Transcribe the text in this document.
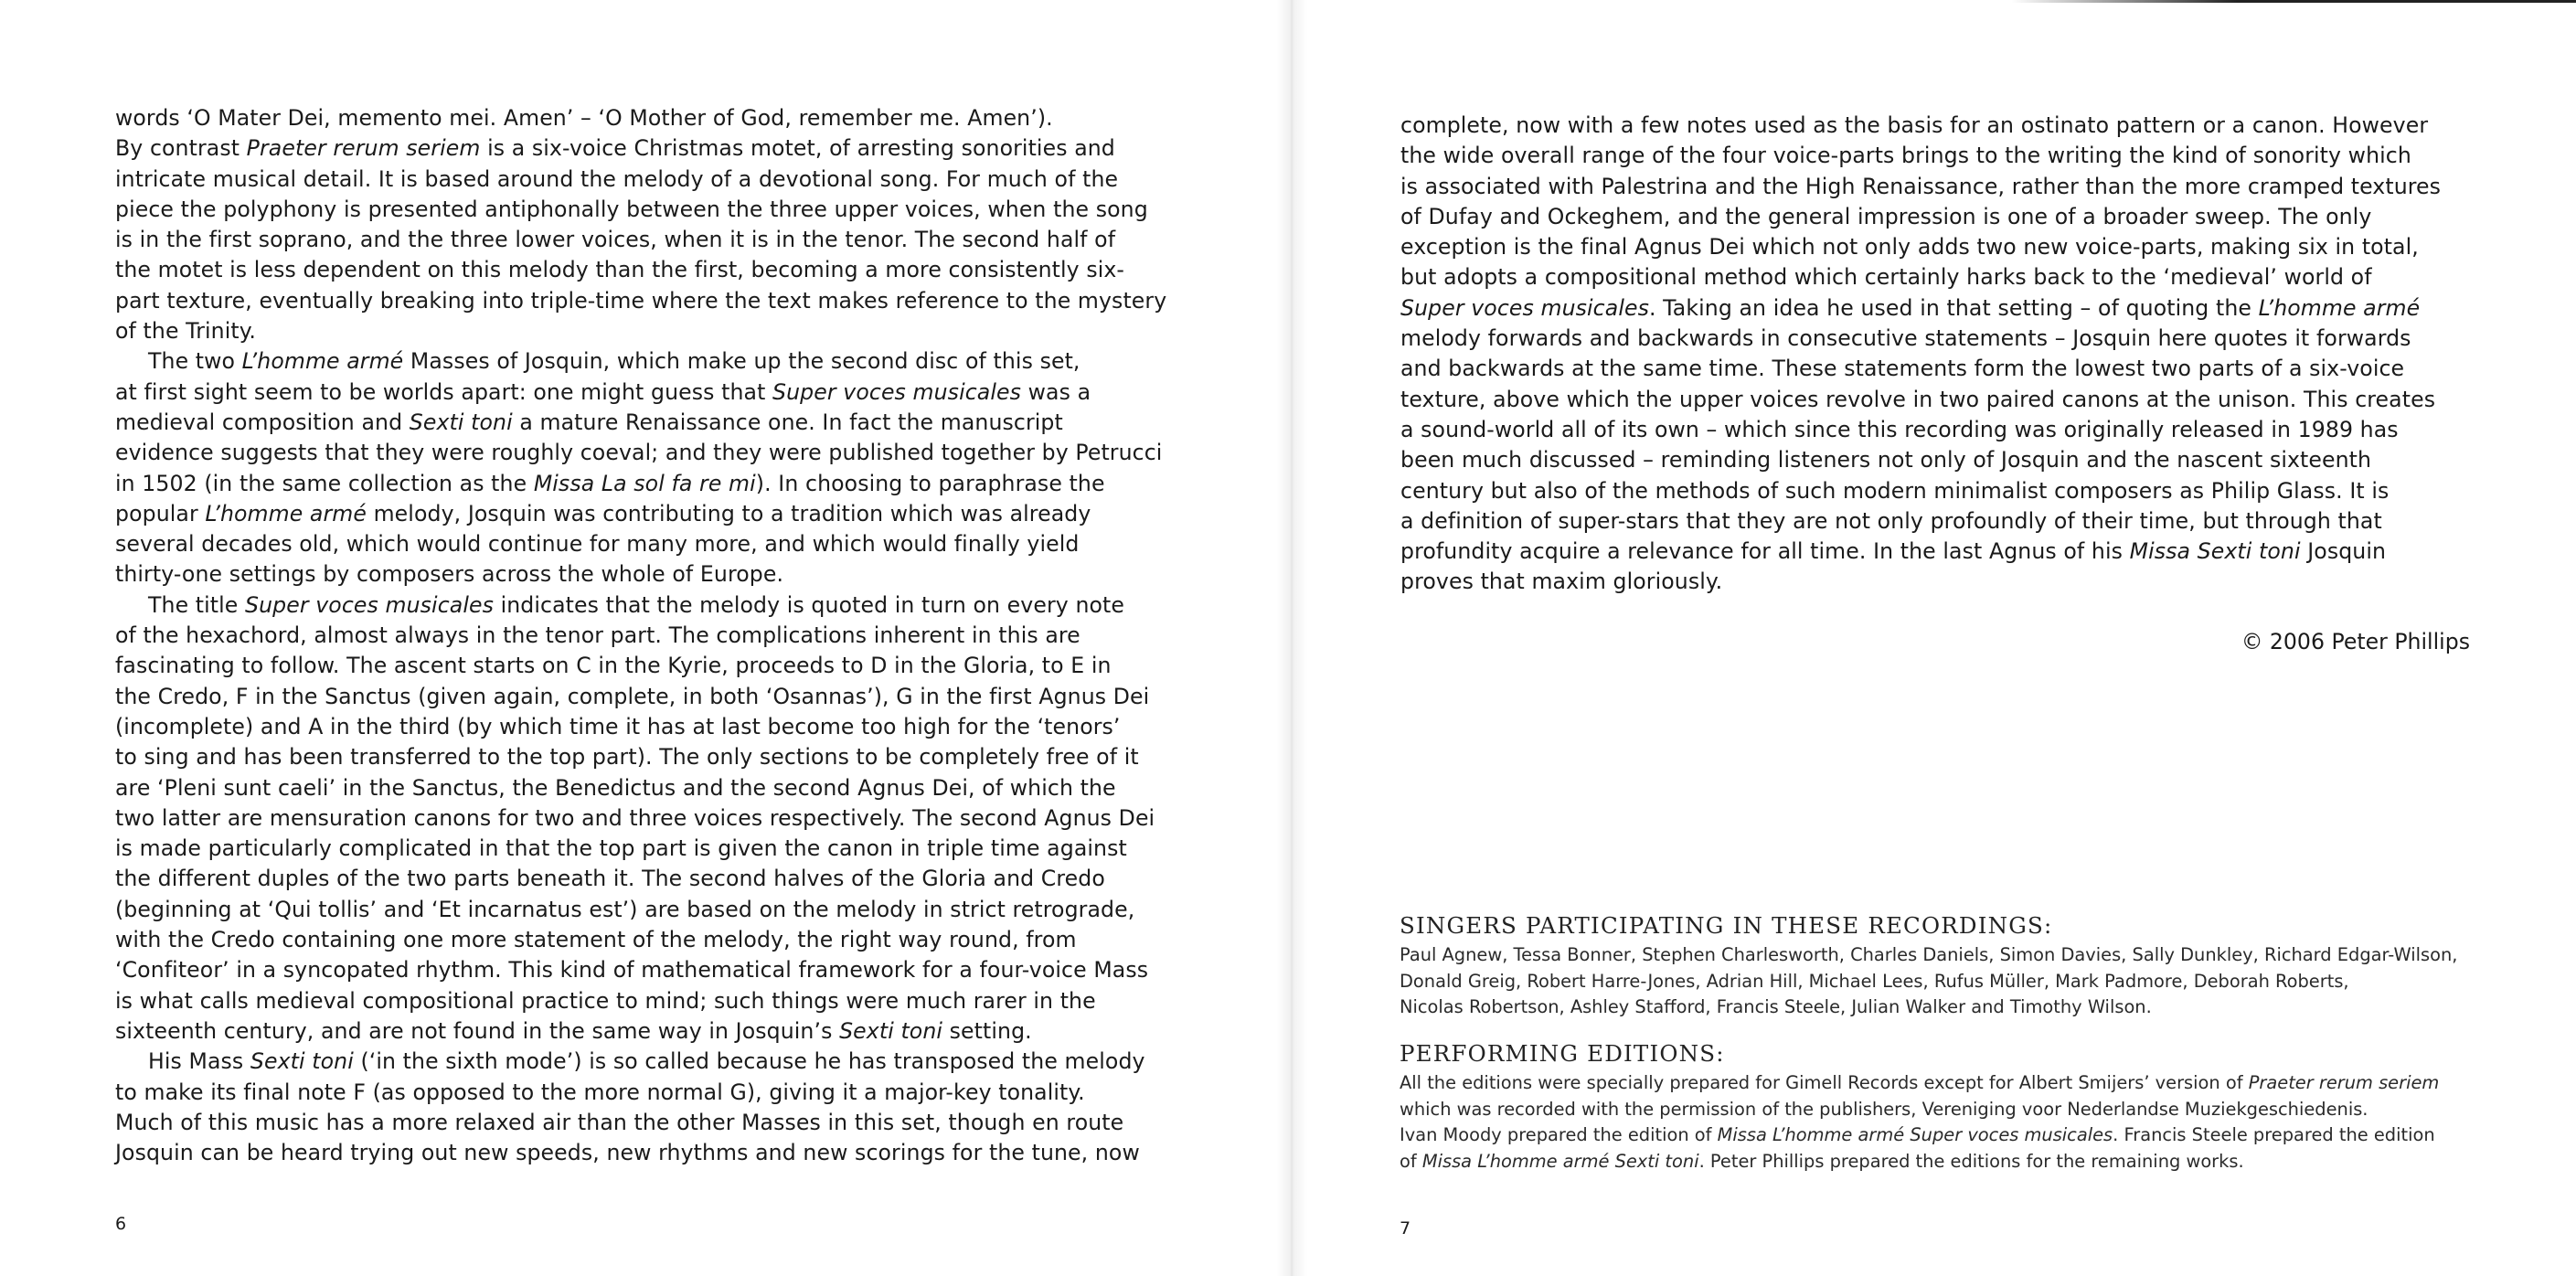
words ‘O Mater Dei, memento mei. Amen’ – ‘O Mother of God, remember me. Amen’).
By contrast Praeter rerum seriem is a six-voice Christmas motet, of arresting sonorities and
intricate musical detail. It is based around the melody of a devotional song. For much of the
piece the polyphony is presented antiphonally between the three upper voices, when the song
is in the first soprano, and the three lower voices, when it is in the tenor. The second half of
the motet is less dependent on this melody than the first, becoming a more consistently six-
part texture, eventually breaking into triple-time where the text makes reference to the mystery
of the Trinity.
The two L’homme armé Masses of Josquin, which make up the second disc of this set,
at first sight seem to be worlds apart: one might guess that Super voces musicales was a
medieval composition and Sexti toni a mature Renaissance one. In fact the manuscript
evidence suggests that they were roughly coeval; and they were published together by Petrucci
in 1502 (in the same collection as the Missa La sol fa re mi). In choosing to paraphrase the
popular L’homme armé melody, Josquin was contributing to a tradition which was already
several decades old, which would continue for many more, and which would finally yield
thirty-one settings by composers across the whole of Europe.
The title Super voces musicales indicates that the melody is quoted in turn on every note
of the hexachord, almost always in the tenor part. The complications inherent in this are
fascinating to follow. The ascent starts on C in the Kyrie, proceeds to D in the Gloria, to E in
the Credo, F in the Sanctus (given again, complete, in both ‘Osannas’), G in the first Agnus Dei
(incomplete) and A in the third (by which time it has at last become too high for the ‘tenors’
to sing and has been transferred to the top part). The only sections to be completely free of it
are ‘Pleni sunt caeli’ in the Sanctus, the Benedictus and the second Agnus Dei, of which the
two latter are mensuration canons for two and three voices respectively. The second Agnus Dei
is made particularly complicated in that the top part is given the canon in triple time against
the different duples of the two parts beneath it. The second halves of the Gloria and Credo
(beginning at ‘Qui tollis’ and ‘Et incarnatus est’) are based on the melody in strict retrograde,
with the Credo containing one more statement of the melody, the right way round, from
‘Confiteor’ in a syncopated rhythm. This kind of mathematical framework for a four-voice Mass
is what calls medieval compositional practice to mind; such things were much rarer in the
sixteenth century, and are not found in the same way in Josquin’s Sexti toni setting.
His Mass Sexti toni (‘in the sixth mode’) is so called because he has transposed the melody
to make its final note F (as opposed to the more normal G), giving it a major-key tonality.
Much of this music has a more relaxed air than the other Masses in this set, though en route
Josquin can be heard trying out new speeds, new rhythms and new scorings for the tune, now
6
complete, now with a few notes used as the basis for an ostinato pattern or a canon. However
the wide overall range of the four voice-parts brings to the writing the kind of sonority which
is associated with Palestrina and the High Renaissance, rather than the more cramped textures
of Dufay and Ockeghem, and the general impression is one of a broader sweep. The only
exception is the final Agnus Dei which not only adds two new voice-parts, making six in total,
but adopts a compositional method which certainly harks back to the ‘medieval’ world of
Super voces musicales. Taking an idea he used in that setting – of quoting the L’homme armé
melody forwards and backwards in consecutive statements – Josquin here quotes it forwards
and backwards at the same time. These statements form the lowest two parts of a six-voice
texture, above which the upper voices revolve in two paired canons at the unison. This creates
a sound-world all of its own – which since this recording was originally released in 1989 has
been much discussed – reminding listeners not only of Josquin and the nascent sixteenth
century but also of the methods of such modern minimalist composers as Philip Glass. It is
a definition of super-stars that they are not only profoundly of their time, but through that
profundity acquire a relevance for all time. In the last Agnus of his Missa Sexti toni Josquin
proves that maxim gloriously.
© 2006 Peter Phillips
SINGERS PARTICIPATING IN THESE RECORDINGS:
Paul Agnew, Tessa Bonner, Stephen Charlesworth, Charles Daniels, Simon Davies, Sally Dunkley, Richard Edgar-Wilson,
Donald Greig, Robert Harre-Jones, Adrian Hill, Michael Lees, Rufus Müller, Mark Padmore, Deborah Roberts,
Nicolas Robertson, Ashley Stafford, Francis Steele, Julian Walker and Timothy Wilson.
PERFORMING EDITIONS:
All the editions were specially prepared for Gimell Records except for Albert Smijers’ version of Praeter rerum seriem
which was recorded with the permission of the publishers, Vereniging voor Nederlandse Muziekgeschiedenis.
Ivan Moody prepared the edition of Missa L’homme armé Super voces musicales. Francis Steele prepared the edition
of Missa L’homme armé Sexti toni. Peter Phillips prepared the editions for the remaining works.
7
